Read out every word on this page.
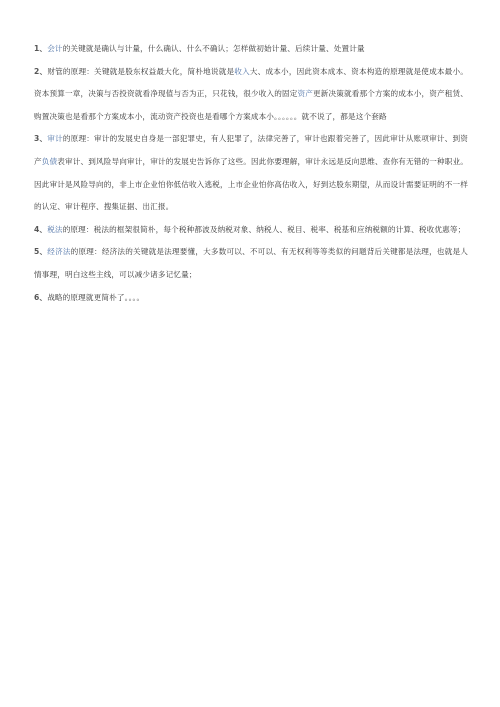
1、会计的关键就是确认与计量，什么确认、什么不确认；怎样做初始计量、后续计量、处置计量

2、财管的原理：关键就是股东权益最大化，简朴地说就是收入大、成本小，因此资本成本、资本构造的原理就是使成本最小。资本预算一章，决策与否投资就看净现值与否为正，只花钱，很少收入的固定资产更新决策就看那个方案的成本小，资产租赁、购置决策也是看那个方案成本小，流动资产投资也是看哪个方案成本小。。。。。。就不说了，都是这个套路

3、审计的原理：审计的发展史自身是一部犯罪史，有人犯罪了，法律完善了，审计也跟着完善了，因此审计从账项审计、到资产负债表审计、到风险导向审计，审计的发展史告诉你了这些。因此你要理解，审计永远是反向思维、查你有无错的一种职业。因此审计是风险导向的，非上市企业怕你低估收入逃税，上市企业怕你高估收入，好到达股东期望，从而设计需要证明的不一样的认定、审计程序、搜集证据、出汇报。

4、税法的原理：税法的框架很简朴，每个税种都波及纳税对象、纳税人、税目、税率、税基和应纳税额的计算、税收优惠等；

5、经济法的原理：经济法的关键就是法理要懂，大多数可以、不可以、有无权利等等类似的问题背后关键都是法理，也就是人情事理，明白这些主线，可以减少诸多记忆量；

6、战略的原理就更简朴了。。。。
